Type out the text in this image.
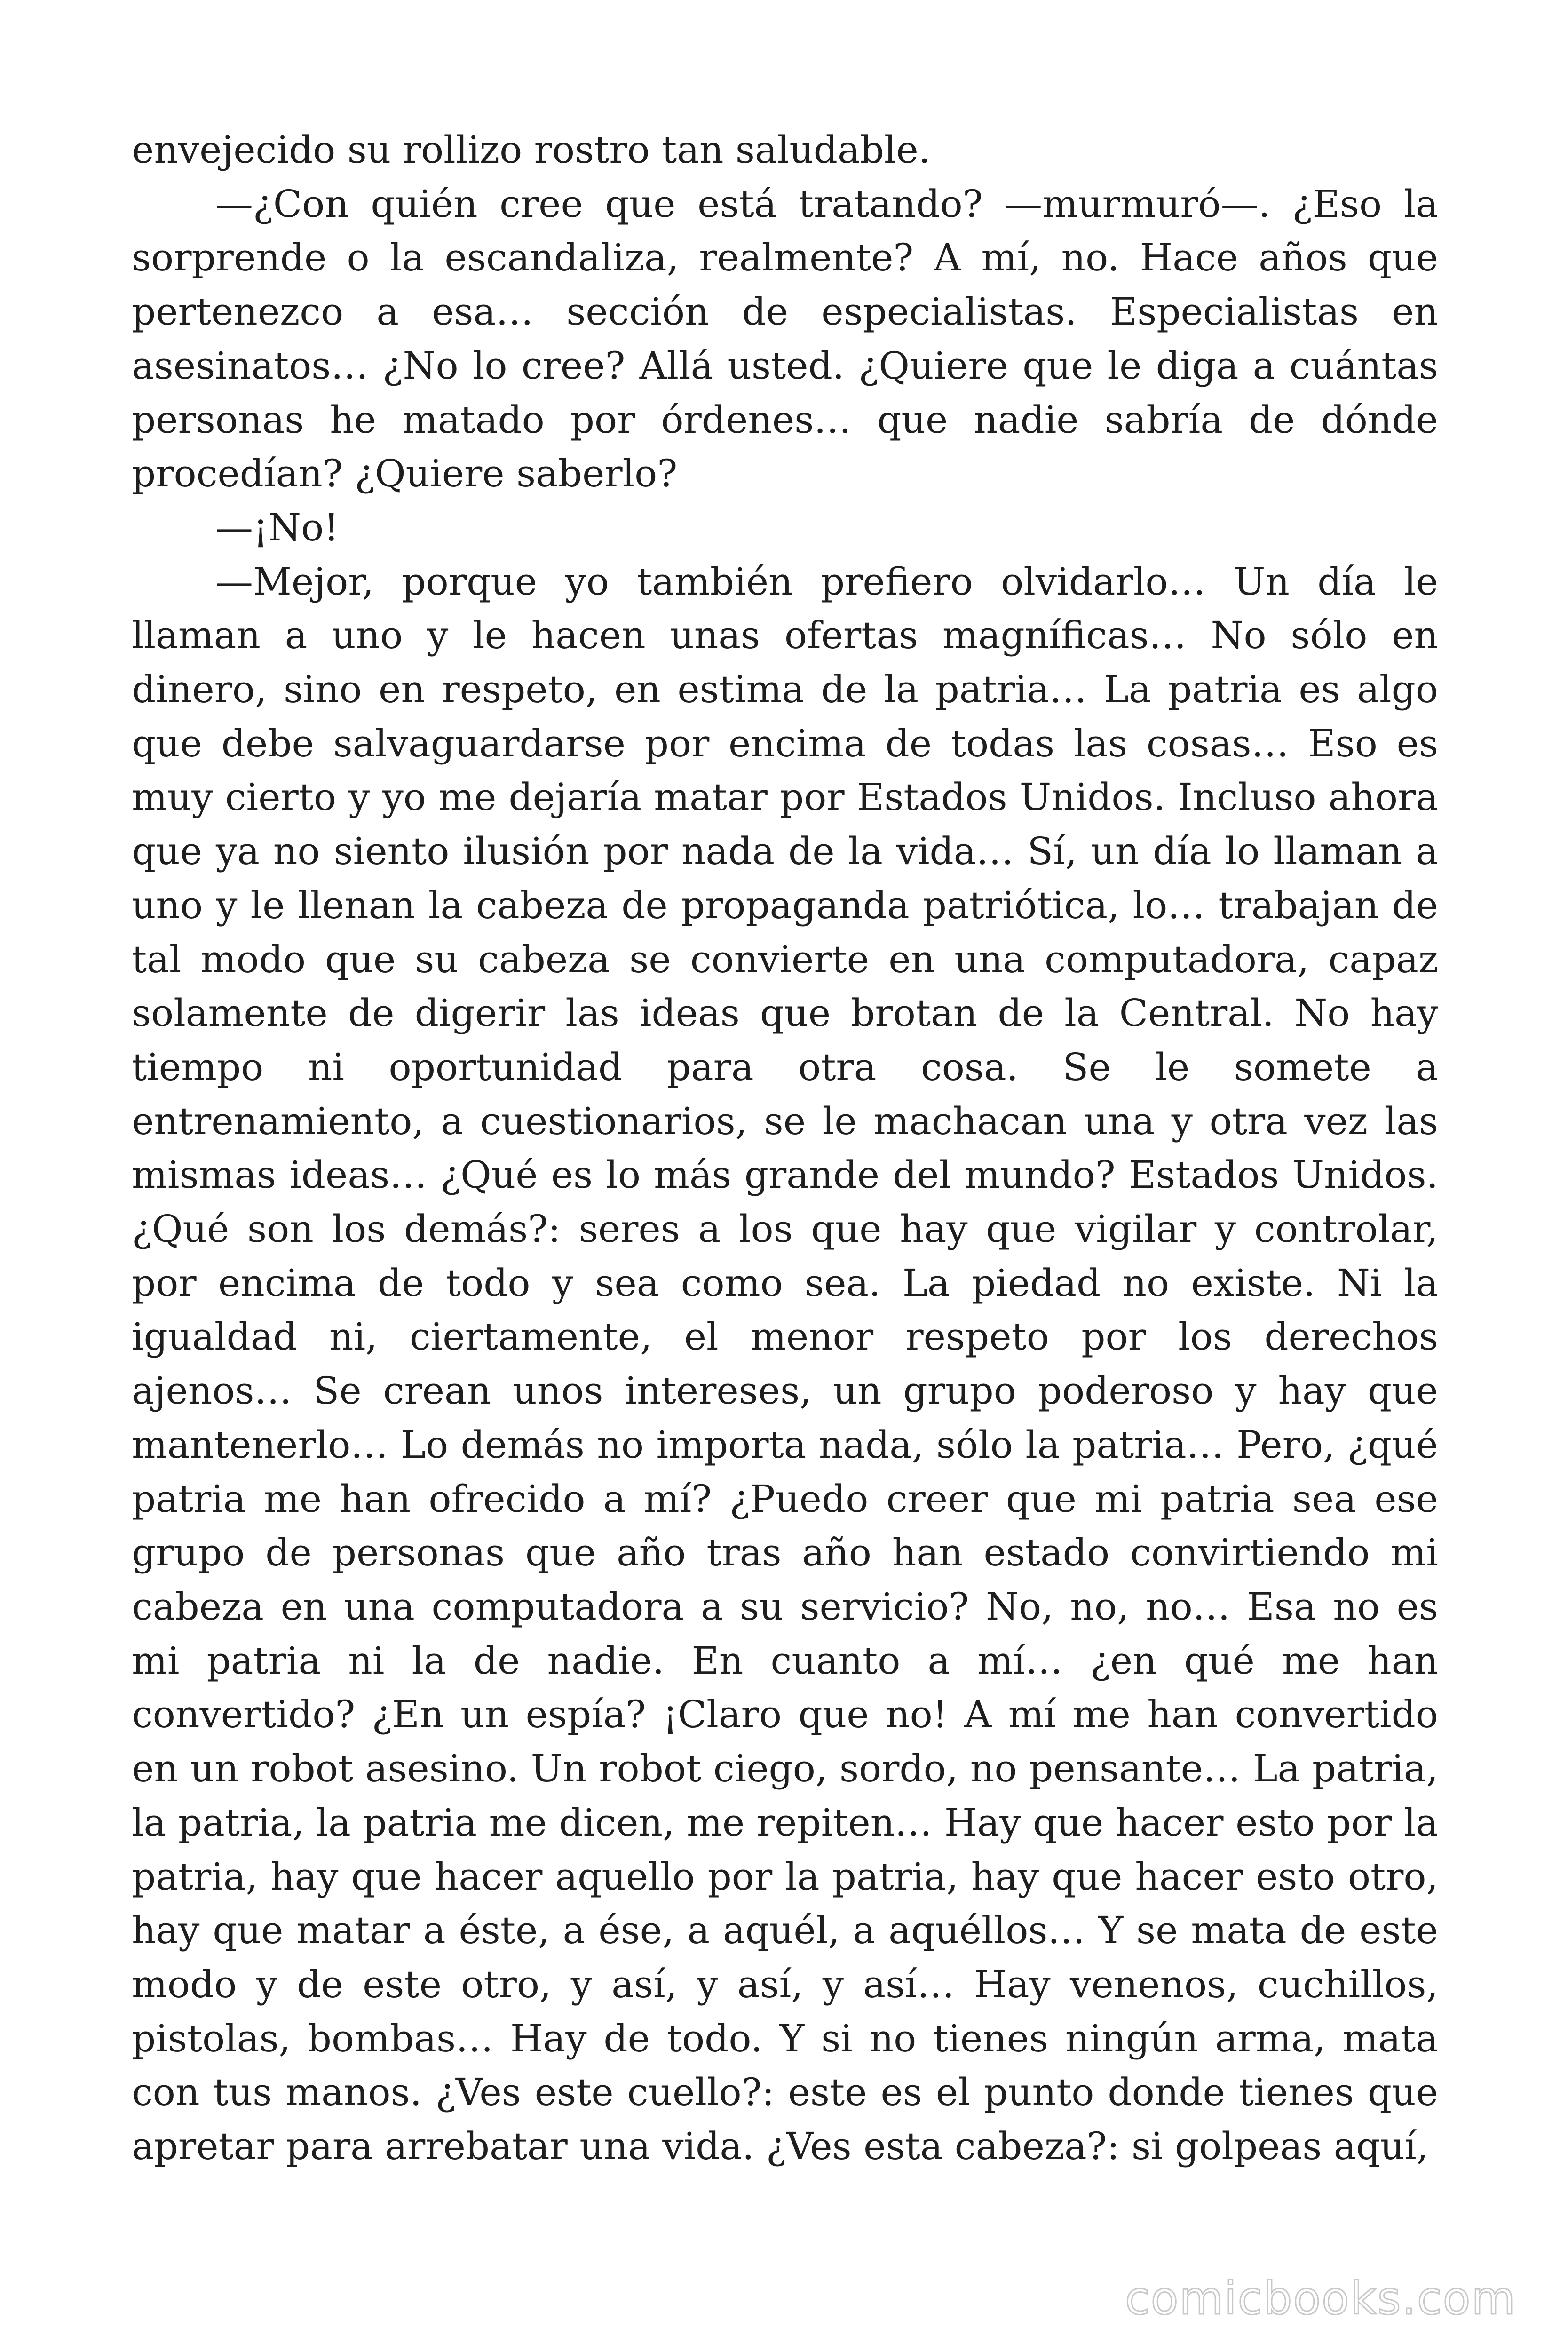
envejecido su rollizo rostro tan saludable.

—¿Con quién cree que está tratando? —murmuró—. ¿Eso la sorprende o la escandaliza, realmente? A mí, no. Hace años que pertenezco a esa… sección de especialistas. Especialistas en asesinatos… ¿No lo cree? Allá usted. ¿Quiere que le diga a cuántas personas he matado por órdenes… que nadie sabría de dónde procedían? ¿Quiere saberlo?

—¡No!

—Mejor, porque yo también prefiero olvidarlo… Un día le llaman a uno y le hacen unas ofertas magníficas… No sólo en dinero, sino en respeto, en estima de la patria… La patria es algo que debe salvaguardarse por encima de todas las cosas… Eso es muy cierto y yo me dejaría matar por Estados Unidos. Incluso ahora que ya no siento ilusión por nada de la vida… Sí, un día lo llaman a uno y le llenan la cabeza de propaganda patriótica, lo… trabajan de tal modo que su cabeza se convierte en una computadora, capaz solamente de digerir las ideas que brotan de la Central. No hay tiempo ni oportunidad para otra cosa. Se le somete a entrenamiento, a cuestionarios, se le machacan una y otra vez las mismas ideas… ¿Qué es lo más grande del mundo? Estados Unidos. ¿Qué son los demás?: seres a los que hay que vigilar y controlar, por encima de todo y sea como sea. La piedad no existe. Ni la igualdad ni, ciertamente, el menor respeto por los derechos ajenos… Se crean unos intereses, un grupo poderoso y hay que mantenerlo… Lo demás no importa nada, sólo la patria… Pero, ¿qué patria me han ofrecido a mí? ¿Puedo creer que mi patria sea ese grupo de personas que año tras año han estado convirtiendo mi cabeza en una computadora a su servicio? No, no, no… Esa no es mi patria ni la de nadie. En cuanto a mí… ¿en qué me han convertido? ¿En un espía? ¡Claro que no! A mí me han convertido en un robot asesino. Un robot ciego, sordo, no pensante… La patria, la patria, la patria me dicen, me repiten… Hay que hacer esto por la patria, hay que hacer aquello por la patria, hay que hacer esto otro, hay que matar a éste, a ése, a aquél, a aquéllos… Y se mata de este modo y de este otro, y así, y así, y así… Hay venenos, cuchillos, pistolas, bombas… Hay de todo. Y si no tienes ningún arma, mata con tus manos. ¿Ves este cuello?: este es el punto donde tienes que apretar para arrebatar una vida. ¿Ves esta cabeza?: si golpeas aquí,

comicbooks.com
